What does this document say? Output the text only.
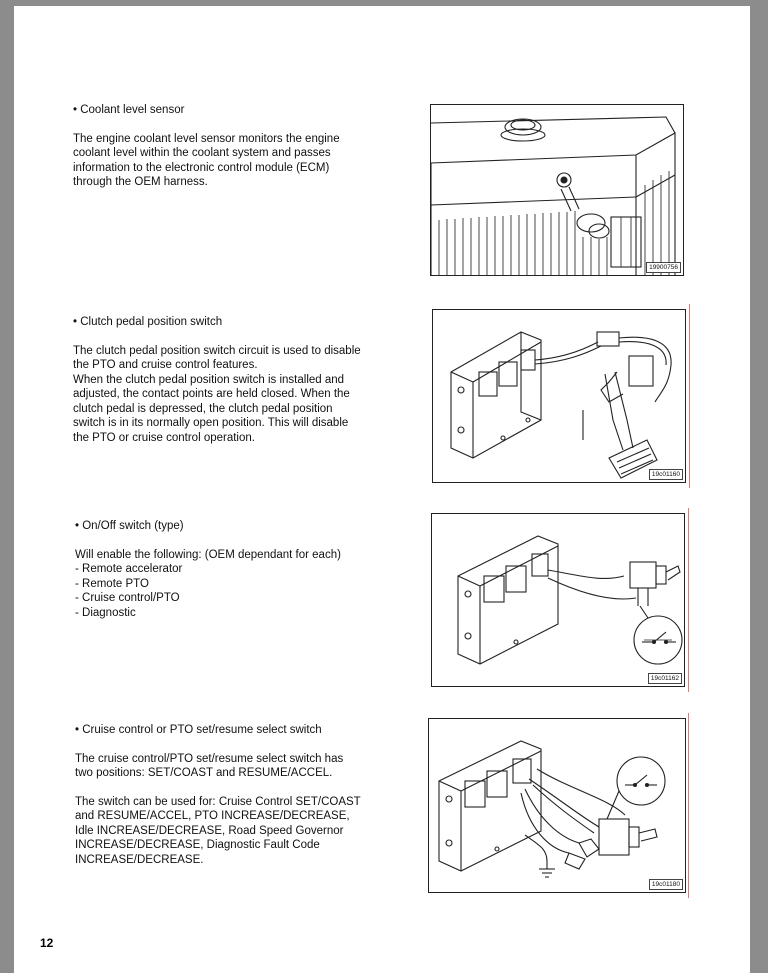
• Coolant level sensor

The engine coolant level sensor monitors the engine

coolant level within the coolant system and passes

information to the electronic control module (ECM)

through the OEM harness.

19900756

• Clutch pedal position switch

The clutch pedal position switch circuit is used to disable

the PTO and cruise control features.

When the clutch pedal position switch is installed and

adjusted, the contact points are held closed. When the

clutch pedal is depressed, the clutch pedal position

switch is in its normally open position. This will disable

the PTO or cruise control operation.

19c01160

• On/Off switch (type)

Will enable the following: (OEM dependant for each)

- Remote accelerator

- Remote PTO

- Cruise control/PTO

- Diagnostic

19c01162

• Cruise control or PTO set/resume select switch

The cruise control/PTO set/resume select switch has

two positions: SET/COAST and RESUME/ACCEL.

The switch can be used for: Cruise Control SET/COAST

and RESUME/ACCEL, PTO INCREASE/DECREASE,

Idle INCREASE/DECREASE, Road Speed Governor

INCREASE/DECREASE, Diagnostic Fault Code

INCREASE/DECREASE.

19c01180
12
